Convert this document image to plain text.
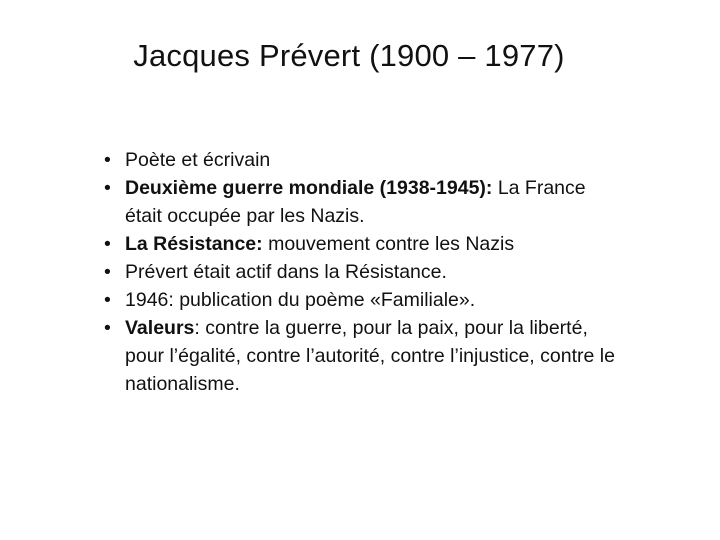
Jacques Prévert (1900 – 1977)
• Poète et écrivain
• Deuxième guerre mondiale (1938-1945): La France était occupée par les Nazis.
• La Résistance: mouvement contre les Nazis
• Prévert était actif dans la Résistance.
• 1946: publication du poème «Familiale».
• Valeurs: contre la guerre, pour la paix, pour la liberté, pour l’égalité, contre l’autorité, contre l’injustice, contre le nationalisme.
